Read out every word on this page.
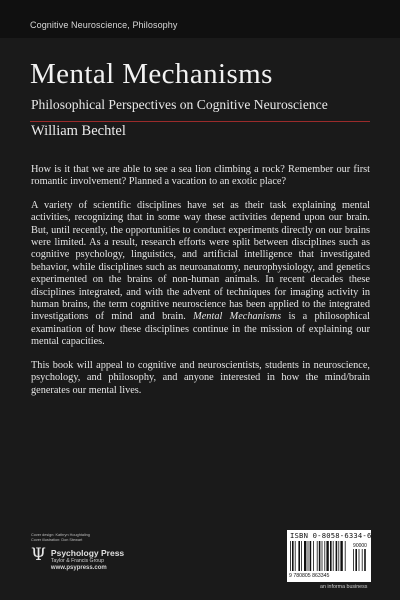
Cognitive Neuroscience, Philosophy
Mental Mechanisms
Philosophical Perspectives on Cognitive Neuroscience
William Bechtel

How is it that we are able to see a sea lion climbing a rock? Remember our first romantic involvement? Planned a vacation to an exotic place?

A variety of scientific disciplines have set as their task explaining mental activities, recognizing that in some way these activities depend upon our brain. But, until recently, the opportunities to conduct experiments directly on our brains were limited. As a result, research efforts were split between disciplines such as cognitive psychology, linguistics, and artificial intelligence that investigated behavior, while disciplines such as neuroanatomy, neurophysiology, and genetics experimented on the brains of non-human animals. In recent decades these disciplines integrated, and with the advent of techniques for imaging activity in human brains, the term cognitive neuroscience has been applied to the integrated investigations of mind and brain. Mental Mechanisms is a philosophical examination of how these disciplines continue in the mission of explaining our mental capacities.

This book will appeal to cognitive and neuroscientists, students in neuroscience, psychology, and philosophy, and anyone interested in how the mind/brain generates our mental lives.

Cover design: Kathryn Houghtaling
Cover illustration: Don Stewart
Ψ Psychology Press
Taylor & Francis Group
www.psypress.com
ISBN 0-8058-6334-6
90000
9 780805 863345
an informa business
